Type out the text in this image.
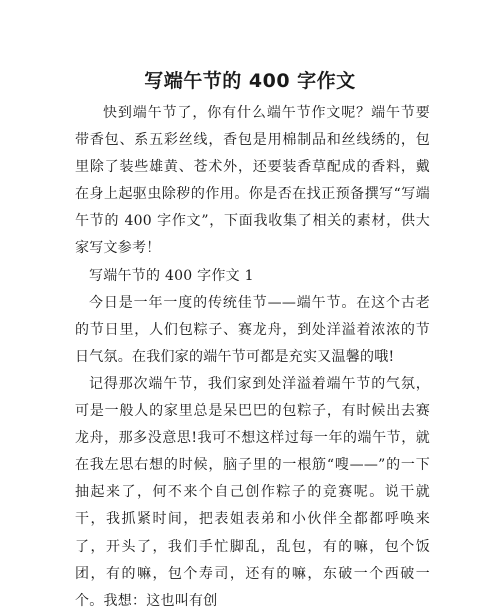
写端午节的 400 字作文

快到端午节了，你有什么端午节作文呢？端午节要带香包、系五彩丝线，香包是用棉制品和丝线绣的，包里除了装些雄黄、苍术外，还要装香草配成的香料，戴在身上起驱虫除秽的作用。你是否在找正预备撰写“写端午节的 400 字作文”，下面我收集了相关的素材，供大家写文参考！

写端午节的 400 字作文 1

今日是一年一度的传统佳节——端午节。在这个古老的节日里，人们包粽子、赛龙舟，到处洋溢着浓浓的节日气氛。在我们家的端午节可都是充实又温馨的哦!

记得那次端午节，我们家到处洋溢着端午节的气氛，可是一般人的家里总是呆巴巴的包粽子，有时候出去赛龙舟，那多没意思!我可不想这样过每一年的端午节，就在我左思右想的时候，脑子里的一根筋“嗖——”的一下抽起来了，何不来个自己创作粽子的竞赛呢。说干就干，我抓紧时间，把表姐表弟和小伙伴全都都呼唤来了，开头了，我们手忙脚乱，乱包，有的嘛，包个饭团，有的嘛，包个寿司，还有的嘛，东破一个西破一个。我想：这也叫有创
